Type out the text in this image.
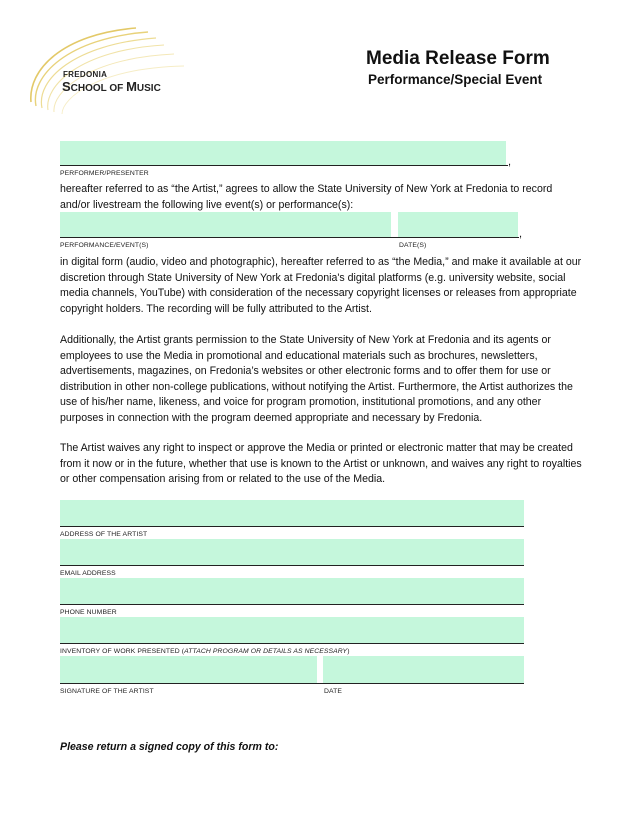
FREDONIA
SCHOOL OF MUSIC
Media Release Form
Performance/Special Event
,
PERFORMER/PRESENTER
hereafter referred to as “the Artist,” agrees to allow the State University of New York at Fredonia to record and/or livestream the following live event(s) or performance(s):
,
PERFORMANCE/EVENT(S)	DATE(S)
in digital form (audio, video and photographic), hereafter referred to as “the Media,” and make it available at our discretion through State University of New York at Fredonia's digital platforms (e.g. university website, social media channels, YouTube) with consideration of the necessary copyright licenses or releases from appropriate copyright holders. The recording will be fully attributed to the Artist.
Additionally, the Artist grants permission to the State University of New York at Fredonia and its agents or employees to use the Media in promotional and educational materials such as brochures, newsletters, advertisements, magazines, on Fredonia’s websites or other electronic forms and to offer them for use or distribution in other non-college publications, without notifying the Artist. Furthermore, the Artist authorizes the use of his/her name, likeness, and voice for program promotion, institutional promotions, and any other purposes in connection with the program deemed appropriate and necessary by Fredonia.
The Artist waives any right to inspect or approve the Media or printed or electronic matter that may be created from it now or in the future, whether that use is known to the Artist or unknown, and waives any right to royalties or other compensation arising from or related to the use of the Media.
ADDRESS OF THE ARTIST
EMAIL ADDRESS
PHONE NUMBER
INVENTORY OF WORK PRESENTED (ATTACH PROGRAM OR DETAILS AS NECESSARY)
SIGNATURE OF THE ARTIST	DATE
Please return a signed copy of this form to:
